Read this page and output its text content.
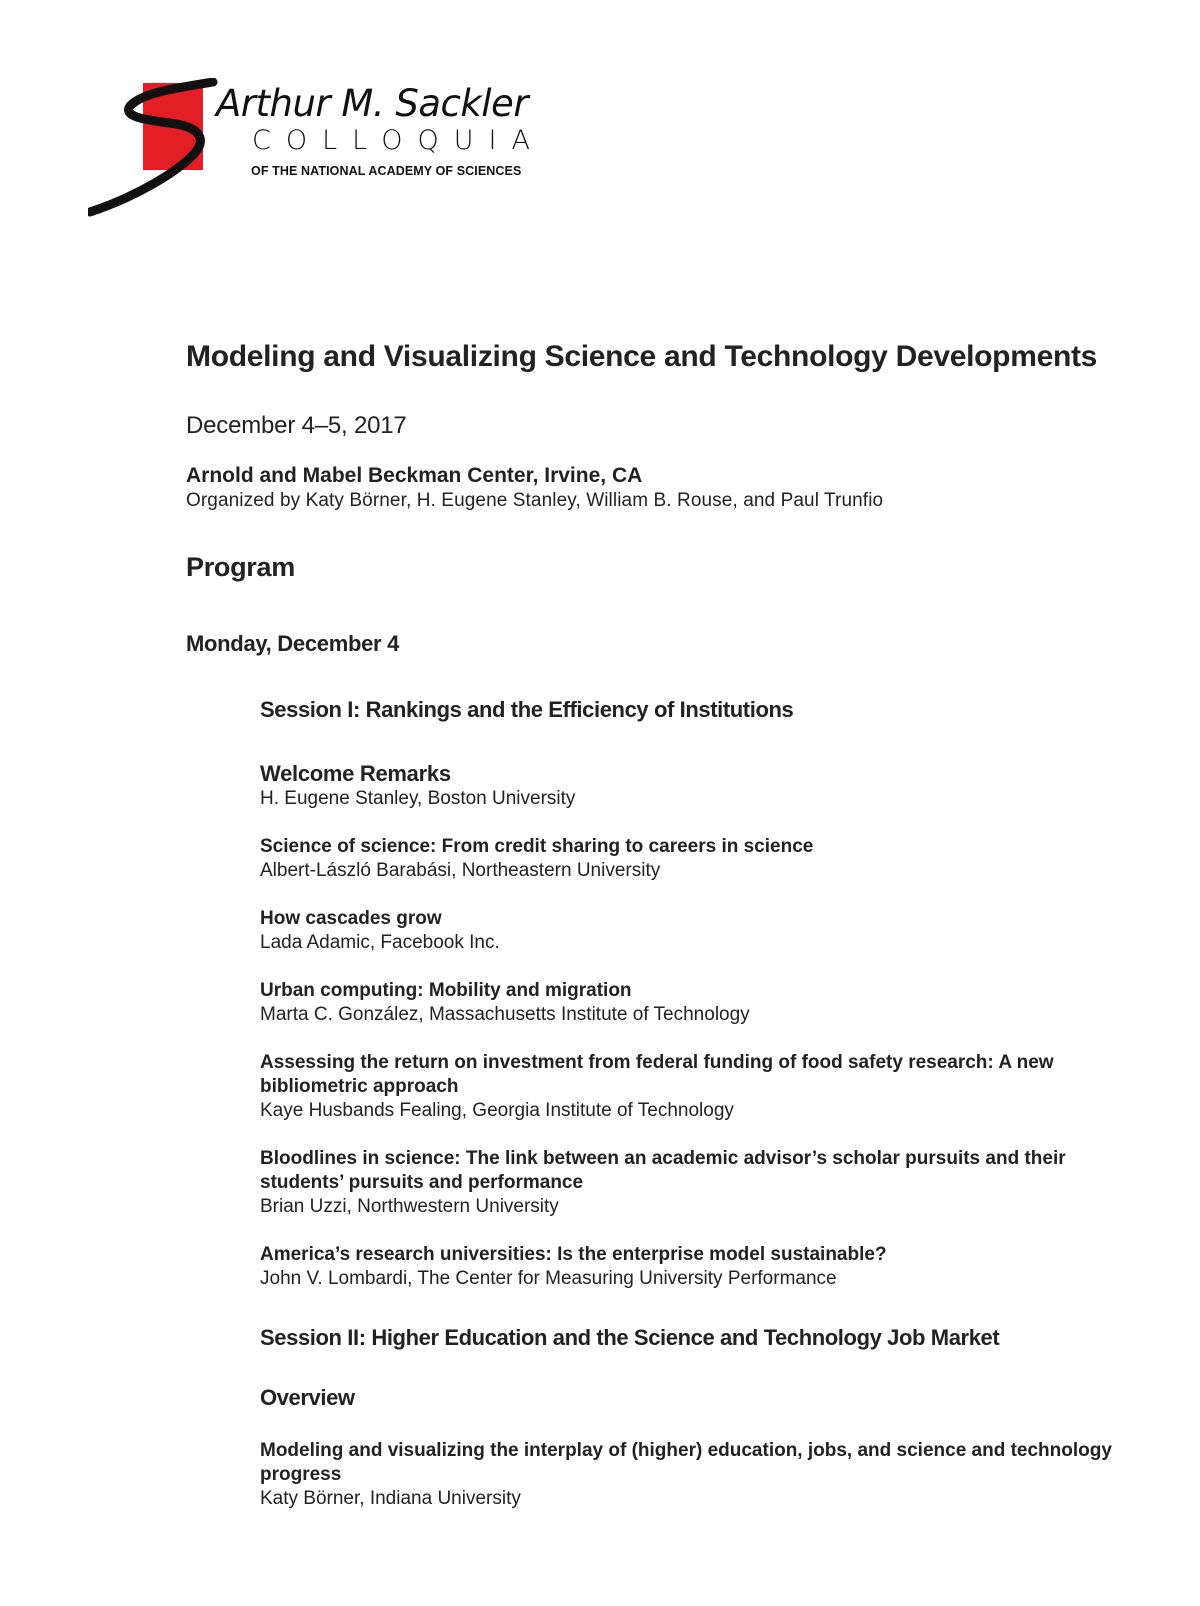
Arthur M. Sackler
COLLOQUIA
OF THE NATIONAL ACADEMY OF SCIENCES
Modeling and Visualizing Science and Technology Developments
December 4–5, 2017
Arnold and Mabel Beckman Center, Irvine, CA
Organized by Katy Börner, H. Eugene Stanley, William B. Rouse, and Paul Trunfio
Program
Monday, December 4
Session I: Rankings and the Efficiency of Institutions
Welcome Remarks
H. Eugene Stanley, Boston University
Science of science: From credit sharing to careers in science
Albert-László Barabási, Northeastern University
How cascades grow
Lada Adamic, Facebook Inc.
Urban computing: Mobility and migration
Marta C. González, Massachusetts Institute of Technology
Assessing the return on investment from federal funding of food safety research: A new bibliometric approach
Kaye Husbands Fealing, Georgia Institute of Technology
Bloodlines in science: The link between an academic advisor’s scholar pursuits and their students’ pursuits and performance
Brian Uzzi, Northwestern University
America’s research universities: Is the enterprise model sustainable?
John V. Lombardi, The Center for Measuring University Performance
Session II: Higher Education and the Science and Technology Job Market
Overview
Modeling and visualizing the interplay of (higher) education, jobs, and science and technology progress
Katy Börner, Indiana University
